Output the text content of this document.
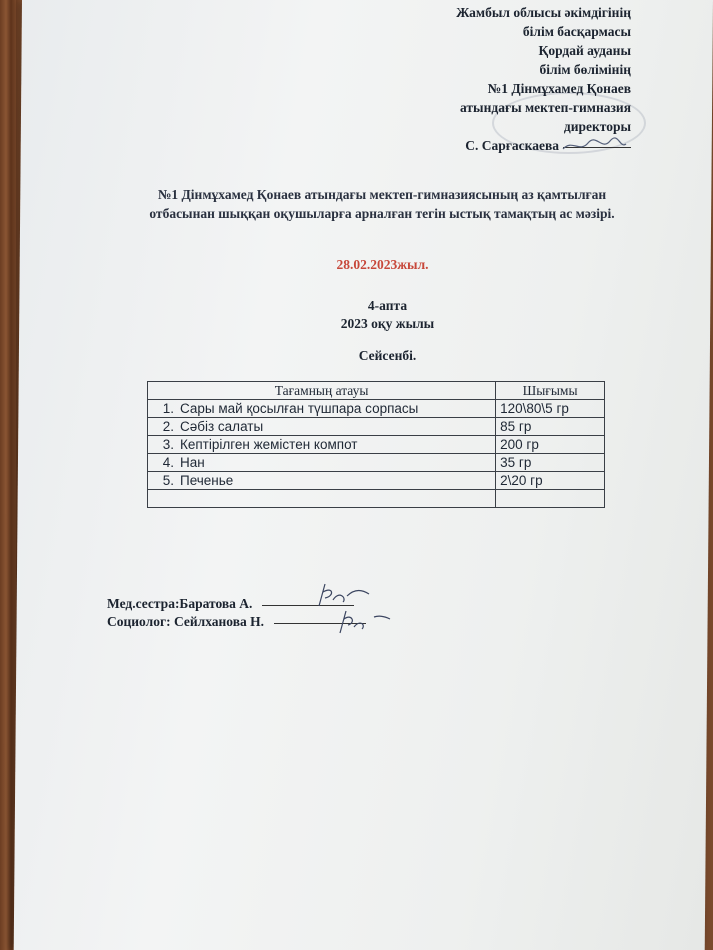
Жамбыл облысы әкімдігінің
білім басқармасы
Қордай ауданы
білім бөлімінің
№1 Дінмұхамед Қонаев
атындағы мектеп-гимназия
директоры
С. Сарғаскаева
№1 Дінмұхамед Қонаев атындағы мектеп-гимназиясының аз қамтылған отбасынан шыққан оқушыларға арналған тегін ыстық тамақтың ас мәзірі.
28.02.2023жыл.
4-апта
2023 оқу жылы
Сейсенбі.
Тағамның атауы	Шығымы
1. Сары май қосылған түшпара сорпасы	120\80\5 гр
2. Сәбіз салаты	85 гр
3. Кептірілген жемістен компот	200 гр
4. Нан	35 гр
5. Печенье	2\20 гр

Мед.сестра:Баратова А.
Социолог: Сейлханова Н.
